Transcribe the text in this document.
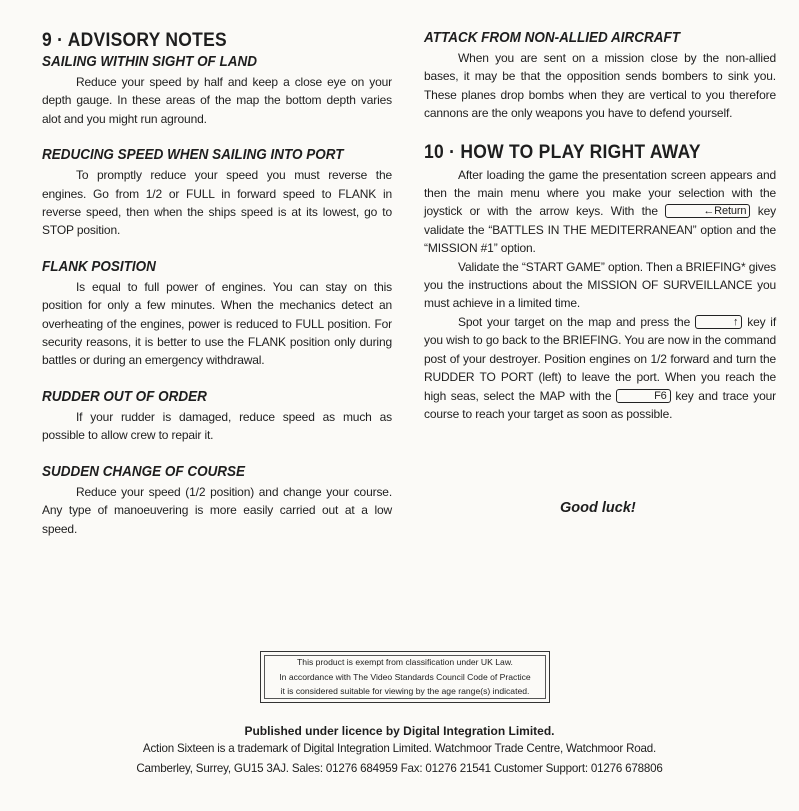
9 · ADVISORY NOTES
SAILING WITHIN SIGHT OF LAND

Reduce your speed by half and keep a close eye on your depth gauge. In these areas of the map the bottom depth varies alot and you might run aground.

REDUCING SPEED WHEN SAILING INTO PORT

To promptly reduce your speed you must reverse the engines. Go from 1/2 or FULL in forward speed to FLANK in reverse speed, then when the ships speed is at its lowest, go to STOP position.

FLANK POSITION

Is equal to full power of engines. You can stay on this position for only a few minutes. When the mechanics detect an overheating of the engines, power is reduced to FULL position. For security reasons, it is better to use the FLANK position only during battles or during an emergency withdrawal.

RUDDER OUT OF ORDER

If your rudder is damaged, reduce speed as much as possible to allow crew to repair it.

SUDDEN CHANGE OF COURSE

Reduce your speed (1/2 position) and change your course. Any type of manoeuvering is more easily carried out at a low speed.

ATTACK FROM NON-ALLIED AIRCRAFT

When you are sent on a mission close by the non-allied bases, it may be that the opposition sends bombers to sink you. These planes drop bombs when they are vertical to you therefore cannons are the only weapons you have to defend yourself.

10 · HOW TO PLAY RIGHT AWAY

After loading the game the presentation screen appears and then the main menu where you make your selection with the joystick or with the arrow keys. With the	←Return key validate the “BATTLES IN THE MEDITERRANEAN” option and the “MISSION #1” option.

Validate the “START GAME” option. Then a BRIEFING* gives you the instructions about the MISSION OF SURVEILLANCE you must achieve in a limited time.

Spot your target on the map and press the	↑ key if you wish to go back to the BRIEFING. You are now in the command post of your destroyer. Position engines on 1/2 forward and turn the RUDDER TO PORT (left) to leave the port. When you reach the high seas, select the MAP with the	F6 key and trace your course to reach your target as soon as possible.

Good luck!
This product is exempt from classification under UK Law.
In accordance with The Video Standards Council Code of Practice
it is considered suitable for viewing by the age range(s) indicated.
Published under licence by Digital Integration Limited.
Action Sixteen is a trademark of Digital Integration Limited. Watchmoor Trade Centre, Watchmoor Road.
Camberley, Surrey, GU15 3AJ. Sales: 01276 684959 Fax: 01276 21541 Customer Support: 01276 678806
